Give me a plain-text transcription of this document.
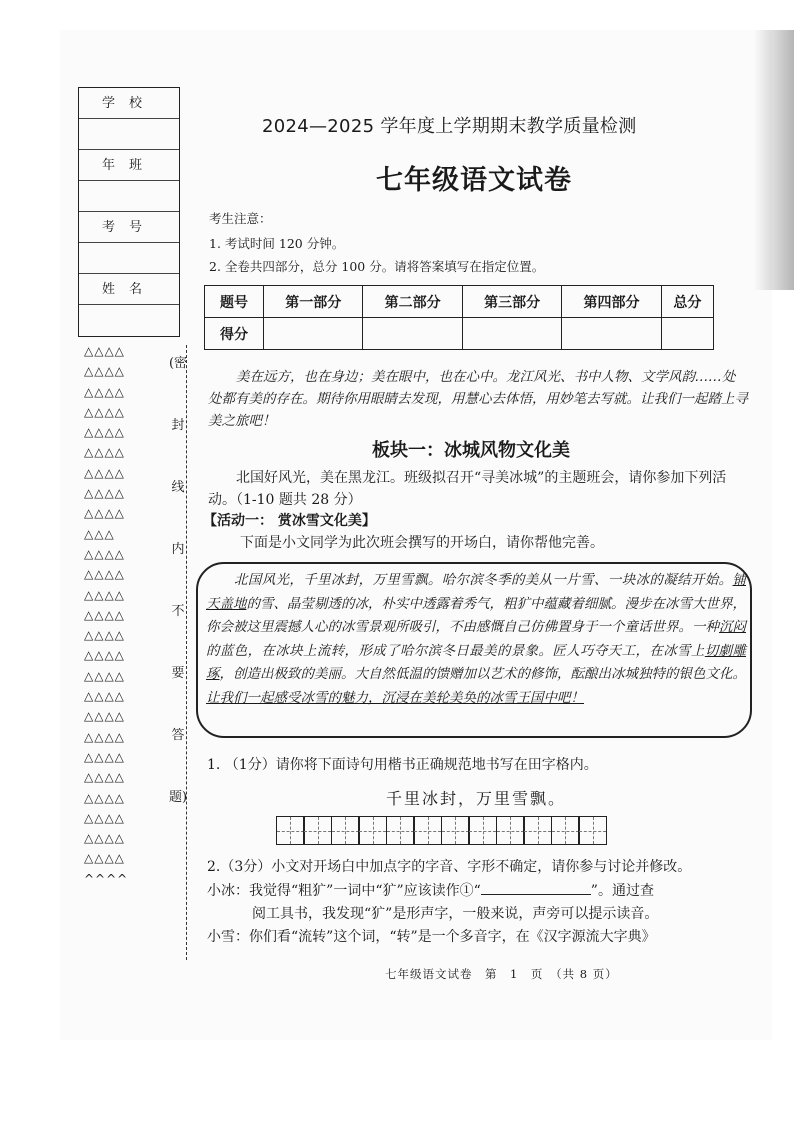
学校
年班
考号
姓名
△△△△
△△△△
△△△△
△△△△
△△△△
△△△△
△△△△
△△△△
△△△△
△△△
△△△△
△△△△
△△△△
△△△△
△△△△
△△△△
△△△△
△△△△
△△△△
△△△△
△△△△
△△△△
△△△△
△△△△
△△△△
△△△△
^^^^
(密
封
线
内
不
要
答
题)
2024—2025 学年度上学期期末教学质量检测
七年级语文试卷
考生注意：
1. 考试时间 120 分钟。
2. 全卷共四部分，总分 100 分。请将答案填写在指定位置。
题号	第一部分	第二部分	第三部分	第四部分	总分
得分					
美在远方，也在身边；美在眼中，也在心中。龙江风光、书中人物、文学风韵……处处都有美的存在。期待你用眼睛去发现，用慧心去体悟，用妙笔去写就。让我们一起踏上寻美之旅吧！
板块一：冰城风物文化美
北国好风光，美在黑龙江。班级拟召开“寻美冰城”的主题班会，请你参加下列活动。（1-10 题共 28 分）
【活动一： 赏冰雪文化美】
下面是小文同学为此次班会撰写的开场白，请你帮他完善。
北国风光，千里冰封，万里雪飘。哈尔滨冬季的美从一片雪、一块冰的凝结开始。铺天盖地的雪、晶莹剔透的冰，朴实中透露着秀气，粗犷中蕴藏着细腻。漫步在冰雪大世界，你会被这里震撼人心的冰雪景观所吸引，不由感慨自己仿佛置身于一个童话世界。一种沉闷的蓝色，在冰块上流转，形成了哈尔滨冬日最美的景象。匠人巧夺天工，在冰雪上切劇雕琢，创造出极致的美丽。大自然低温的馈赠加以艺术的修饰，酝酿出冰城独特的银色文化。让我们一起感受冰雪的魅力，沉浸在美轮美奂的冰雪王国中吧！
1. （1分）请你将下面诗句用楷书正确规范地书写在田字格内。
千里冰封，万里雪飘。
2.（3分）小文对开场白中加点字的字音、字形不确定，请你参与讨论并修改。
小冰：我觉得“粗犷”一词中“犷”应该读作①“	”。通过查
阅工具书，我发现“犷”是形声字，一般来说，声旁可以提示读音。
小雪：你们看“流转”这个词，“转”是一个多音字，在《汉字源流大字典》
七年级语文试卷　第　1　页　（共 8 页）
